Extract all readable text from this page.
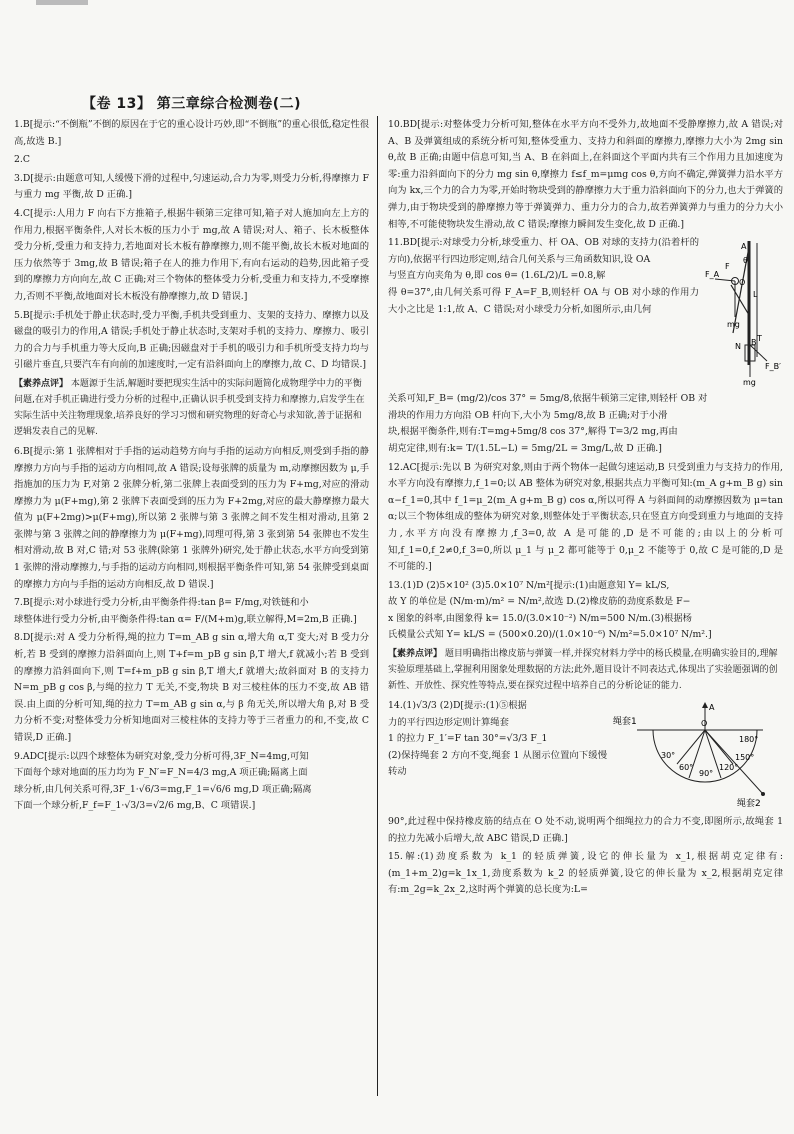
【卷 13】 第三章综合检测卷(二)

1.B[提示:“不倒瓶”不倒的原因在于它的重心设计巧妙,即“不倒瓶”的重心很低,稳定性很高,故选 B.]

2.C

3.D[提示:由题意可知,人缓慢下滑的过程中,匀速运动,合力为零,则受力分析,得摩擦力 F 与重力 mg 平衡,故 D 正确.]

4.C[提示:人用力 F 向右下方推箱子,根据牛顿第三定律可知,箱子对人施加向左上方的作用力,根据平衡条件,人对长木板的压力小于 mg,故 A 错误;对人、箱子、长木板整体受力分析,受重力和支持力,若地面对长木板有静摩擦力,则不能平衡,故长木板对地面的压力依然等于 3mg,故 B 错误;箱子在人的推力作用下,有向右运动的趋势,因此箱子受到的摩擦力方向向左,故 C 正确;对三个物体的整体受力分析,受重力和支持力,不受摩擦力,否则不平衡,故地面对长木板没有静摩擦力,故 D 错误.]

5.B[提示:手机处于静止状态时,受力平衡,手机共受到重力、支架的支持力、摩擦力以及磁盘的吸引力的作用,A 错误;手机处于静止状态时,支架对手机的支持力、摩擦力、吸引力的合力与手机重力等大反向,B 正确;因磁盘对于手机的吸引力和手机所受支持力均与引磁片垂直,只要汽车有向前的加速度时,一定有沿斜面向上的摩擦力,故 C、D 均错误.]

【素养点评】 本题源于生活,解题时要把现实生活中的实际问题简化成物理学中力的平衡问题,在对手机正确进行受力分析的过程中,正确认识手机受到支持力和摩擦力,启发学生在实际生活中关注物理现象,培养良好的学习习惯和研究物理的好奇心与求知欲,善于证据和逻辑发表自己的见解.

6.B[提示:第 1 张牌相对于手指的运动趋势方向与手指的运动方向相反,则受到手指的静摩擦力方向与手指的运动方向相同,故 A 错误;设每张牌的质量为 m,动摩擦因数为 μ,手指施加的压力为 F,对第 2 张牌分析,第二张牌上表面受到的压力为 F+mg,对应的滑动摩擦力为 μ(F+mg),第 2 张牌下表面受到的压力为 F+2mg,对应的最大静摩擦力最大值为 μ(F+2mg)>μ(F+mg),所以第 2 张牌与第 3 张牌之间不发生相对滑动,且第 2 张牌与第 3 张牌之间的静摩擦力为 μ(F+mg),同理可得,第 3 张到第 54 张牌也不发生相对滑动,故 B 对,C 错;对 53 张牌(除第 1 张牌外)研究,处于静止状态,水平方向受到第 1 张牌的滑动摩擦力,与手指的运动方向相同,则根据平衡条件可知,第 54 张牌受到桌面的摩擦力方向与手指的运动方向相反,故 D 错误.]

7.B[提示:对小球进行受力分析,由平衡条件得:tan β= F/mg,对铁链和小

球整体进行受力分析,由平衡条件得:tan α= F/(M+m)g,联立解得,M=2m,B 正确.]

8.D[提示:对 A 受力分析得,绳的拉力 T=m_AB g sin α,增大角 α,T 变大;对 B 受力分析,若 B 受到的摩擦力沿斜面向上,则 T+f=m_pB g sin β,T 增大,f 就减小;若 B 受到的摩擦力沿斜面向下,则 T=f+m_pB g sin β,T 增大,f 就增大;故斜面对 B 的支持力 N=m_pB g cos β,与绳的拉力 T 无关,不变,物块 B 对三棱柱体的压力不变,故 AB 错误.由上面的分析可知,绳的拉力 T=m_AB g sin α,与 β 角无关,所以增大角 β,对 B 受力分析不变;对整体受力分析知地面对三棱柱体的支持力等于三者重力的和,不变,故 C 错误,D 正确.]

9.ADC[提示:以四个球整体为研究对象,受力分析可得,3F_N=4mg,可知

下面每个球对地面的压力均为 F_N′=F_N=4/3 mg,A 项正确;隔离上面

球分析,由几何关系可得,3F_1·√6/3=mg,F_1=√6/6 mg,D 项正确;隔离

下面一个球分析,F_f=F_1·√3/3=√2/6 mg,B、C 项错误.]

10.BD[提示:对整体受力分析可知,整体在水平方向不受外力,故地面不受静摩擦力,故 A 错误;对 A、B 及弹簧组成的系统分析可知,整体受重力、支持力和斜面的摩擦力,摩擦力大小为 2mg sin θ,故 B 正确;由题中信息可知,当 A、B 在斜面上,在斜面这个平面内共有三个作用力且加速度为零:重力沿斜面向下的分力 mg sin θ,摩擦力 f≤f_m=μmg cos θ,方向不确定,弹簧弹力沿水平方向为 kx,三个力的合力为零,开始时物块受到的静摩擦力大于重力沿斜面向下的分力,也大于弹簧的弹力,由于物块受到的静摩擦力等于弹簧弹力、重力分力的合力,故若弹簧弹力与重力的分力大小相等,不可能使物块发生滑动,故 C 错误;摩擦力瞬间发生变化,故 D 正确.]

A
B
O
F_A
F
L
mg
N
T
F_B′
mg
θ

11.BD[提示:对球受力分析,球受重力、杆 OA、OB 对球的支持力(沿着杆的方向),依据平行四边形定则,结合几何关系与三角函数知识,设 OA

与竖直方向夹角为 θ,即 cos θ= (1.6L/2)/L =0.8,解

得 θ=37°,由几何关系可得 F_A=F_B,则轻杆 OA 与 OB 对小球的作用力大小之比是 1:1,故 A、C 错误;对小球受力分析,如图所示,由几何

关系可知,F_B= (mg/2)/cos 37° = 5mg/8,依据牛顿第三定律,则轻杆 OB 对

滑块的作用力方向沿 OB 杆向下,大小为 5mg/8,故 B 正确;对于小滑

块,根据平衡条件,则有:T=mg+5mg/8 cos 37°,解得 T=3/2 mg,再由

胡克定律,则有:k= T/(1.5L−L) = 5mg/2L = 3mg/L,故 D 正确.]

12.AC[提示:先以 B 为研究对象,则由于两个物体一起做匀速运动,B 只受到重力与支持力的作用,水平方向没有摩擦力,f_1=0;以 AB 整体为研究对象,根据共点力平衡可知:(m_A g+m_B g) sin α−f_1=0,其中 f_1=μ_2(m_A g+m_B g) cos α,所以可得 A 与斜面间的动摩擦因数为 μ=tan α;以三个物体组成的整体为研究对象,则整体处于平衡状态,只在竖直方向受到重力与地面的支持力,水平方向没有摩擦力,f_3=0,故 A 是可能的,D 是不可能的;由以上的分析可知,f_1=0,f_2≠0,f_3=0,所以 μ_1 与 μ_2 都可能等于 0,μ_2 不能等于 0,故 C 是可能的,D 是不可能的.]

13.(1)D (2)5×10² (3)5.0×10⁷ N/m²[提示:(1)由题意知 Y= kL/S,

故 Y 的单位是 (N/m·m)/m² = N/m²,故选 D.(2)橡皮筋的劲度系数是 F−

x 图象的斜率,由图象得 k= 15.0/(3.0×10⁻²) N/m=500 N/m.(3)根据杨

氏模量公式知 Y= kL/S = (500×0.20)/(1.0×10⁻⁶) N/m²=5.0×10⁷ N/m².]

【素养点评】 题目明确指出橡皮筋与弹簧一样,并探究材料力学中的杨氏模量,在明确实验目的,理解实验原理基础上,掌握利用图象处理数据的方法;此外,题目设计不同表达式,体现出了实验题强调的创新性、开放性、探究性等特点,要在探究过程中培养自己的分析论证的能力.
A
O
绳套1
绳套2
180°
150°
120°
90°
60°
30°

14.(1)√3/3 (2)D[提示:(1)⑤根据

力的平行四边形定则计算绳套

1 的拉力 F_1′=F tan 30°=√3/3 F_1

(2)保持绳套 2 方向不变,绳套 1 从图示位置向下缓慢转动

90°,此过程中保持橡皮筋的结点在 O 处不动,说明两个细绳拉力的合力不变,即图所示,故绳套 1 的拉力先减小后增大,故 ABC 错误,D 正确.]

15.解:(1)劲度系数为 k_1 的轻质弹簧,设它的伸长量为 x_1,根据胡克定律有:(m_1+m_2)g=k_1x_1,劲度系数为 k_2 的轻质弹簧,设它的伸长量为 x_2,根据胡克定律有:m_2g=k_2x_2,这时两个弹簧的总长度为:L=
